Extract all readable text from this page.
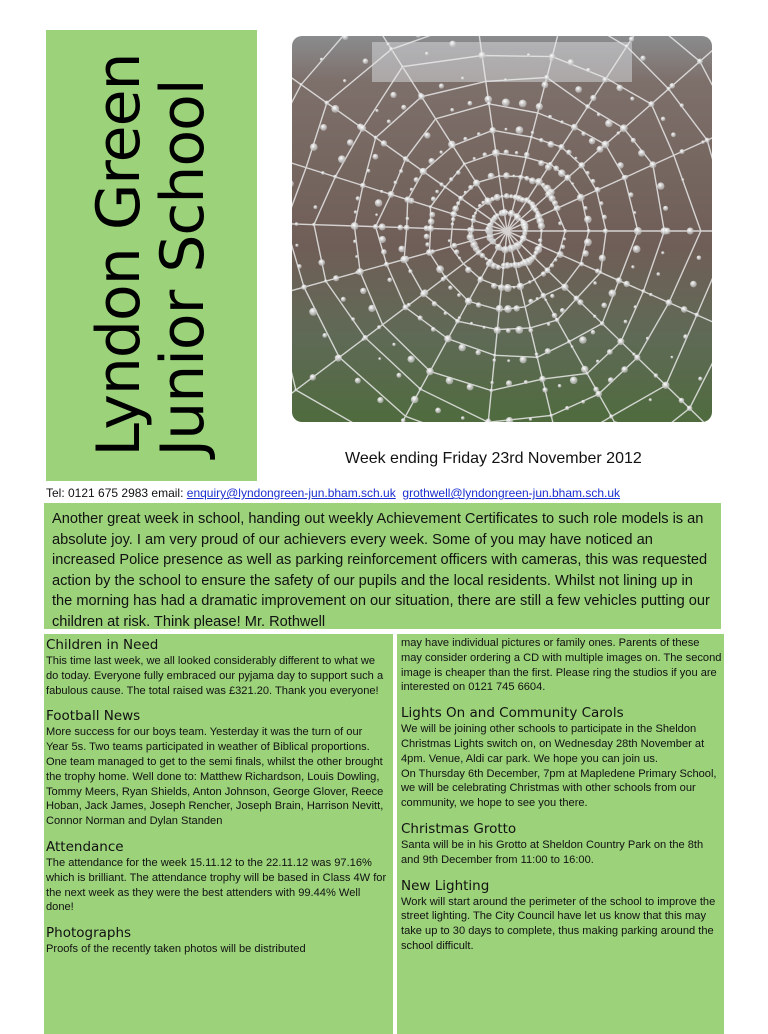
Lyndon Green
Junior School
Week ending Friday 23rd November 2012
Tel: 0121 675 2983 email: enquiry@lyndongreen-jun.bham.sch.uk grothwell@lyndongreen-jun.bham.sch.uk
Another great week in school, handing out weekly Achievement Certificates to such role models is an absolute joy. I am very proud of our achievers every week. Some of you may have noticed an increased Police presence as well as parking reinforcement officers with cameras, this was requested action by the school to ensure the safety of our pupils and the local residents. Whilst not lining up in the morning has had a dramatic improvement on our situation, there are still a few vehicles putting our children at risk. Think please! Mr. Rothwell
Children in Need

This time last week, we all looked considerably different to what we do today. Everyone fully embraced our pyjama day to support such a fabulous cause. The total raised was £321.20. Thank you everyone!

Football News

More success for our boys team. Yesterday it was the turn of our Year 5s. Two teams participated in weather of Biblical proportions. One team managed to get to the semi finals, whilst the other brought the trophy home. Well done to: Matthew Richardson, Louis Dowling, Tommy Meers, Ryan Shields, Anton Johnson, George Glover, Reece Hoban, Jack James, Joseph Rencher, Joseph Brain, Harrison Nevitt, Connor Norman and Dylan Standen

Attendance

The attendance for the week 15.11.12 to the 22.11.12 was 97.16% which is brilliant. The attendance trophy will be based in Class 4W for the next week as they were the best attenders with 99.44% Well done!

Photographs

Proofs of the recently taken photos will be distributed

may have individual pictures or family ones. Parents of these may consider ordering a CD with multiple images on. The second image is cheaper than the first. Please ring the studios if you are interested on 0121 745 6604.

Lights On and Community Carols

We will be joining other schools to participate in the Sheldon Christmas Lights switch on, on Wednesday 28th November at 4pm. Venue, Aldi car park. We hope you can join us.

On Thursday 6th December, 7pm at Mapledene Primary School, we will be celebrating Christmas with other schools from our community, we hope to see you there.

Christmas Grotto

Santa will be in his Grotto at Sheldon Country Park on the 8th and 9th December from 11:00 to 16:00.

New Lighting

Work will start around the perimeter of the school to improve the street lighting. The City Council have let us know that this may take up to 30 days to complete, thus making parking around the school difficult.
